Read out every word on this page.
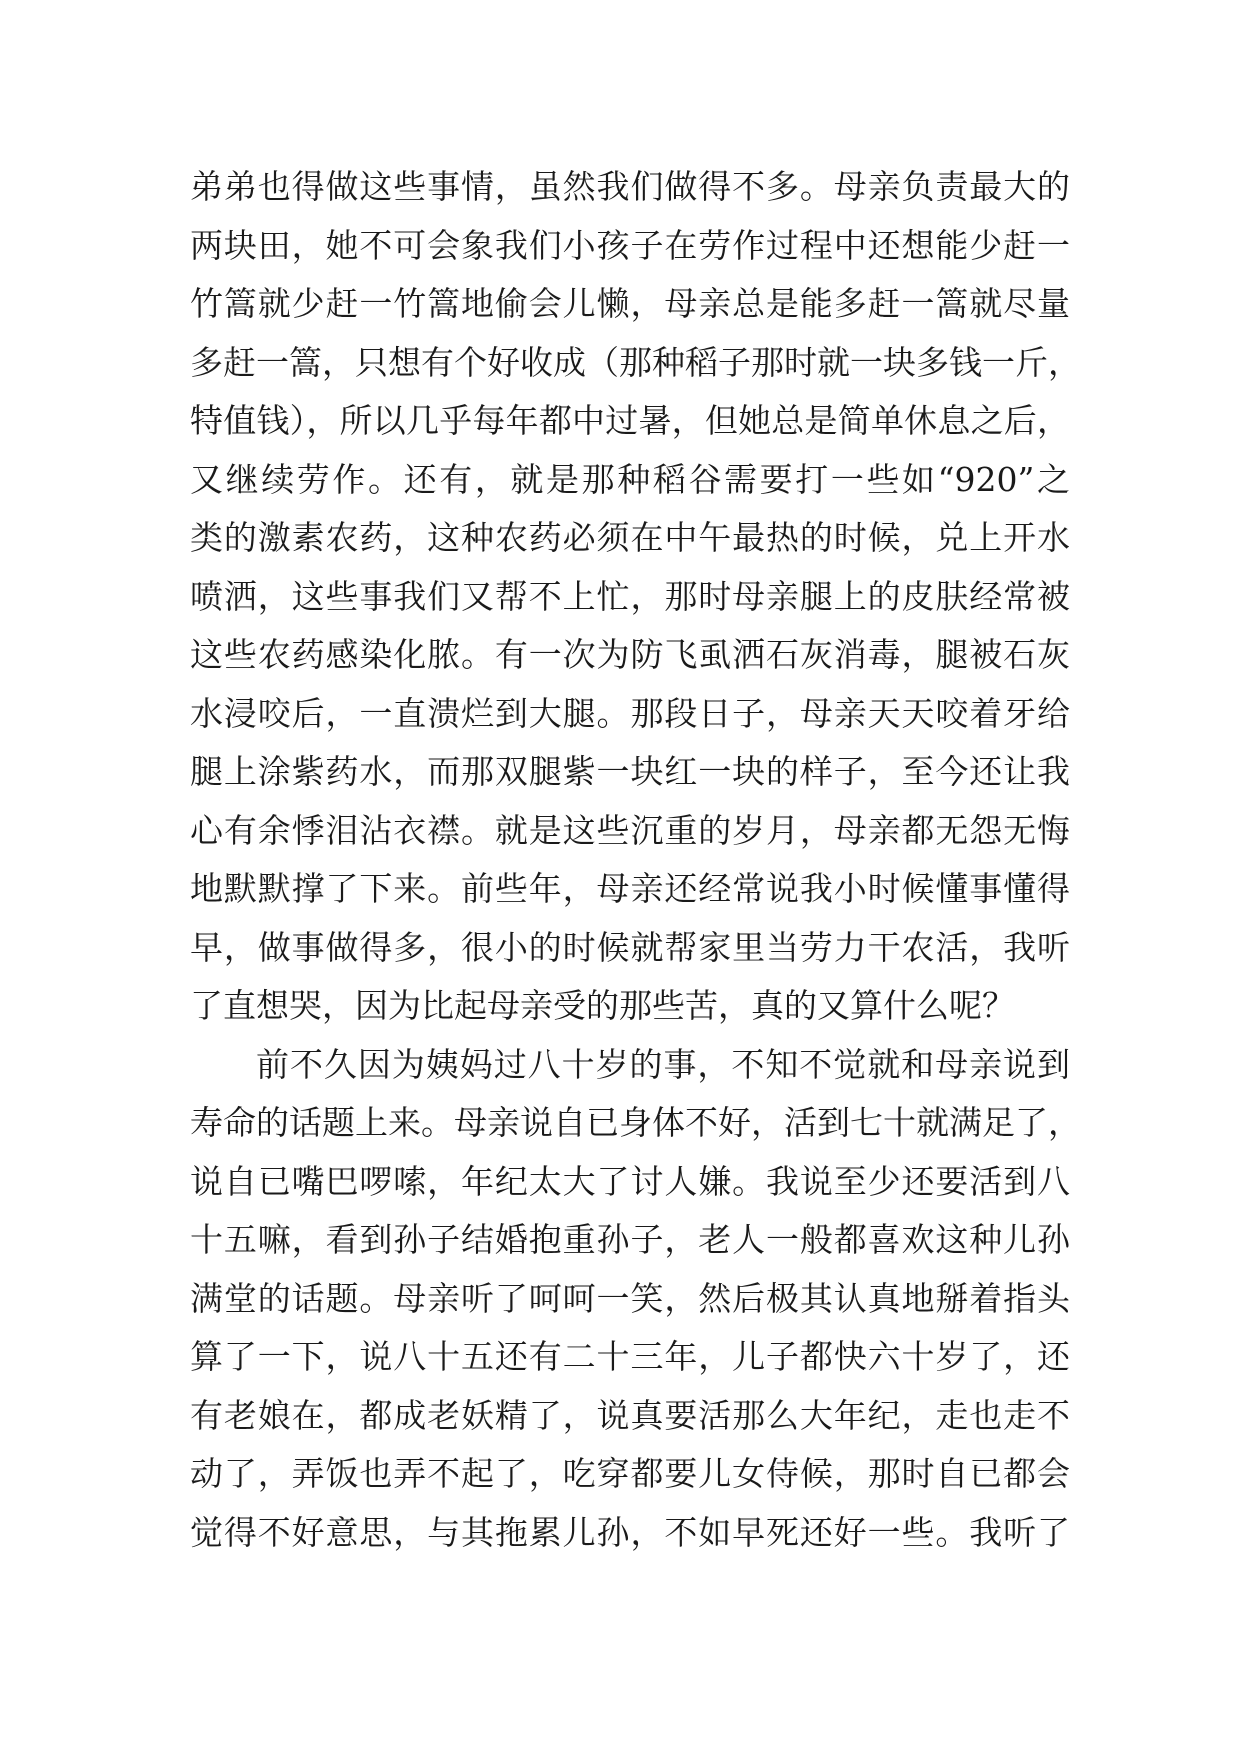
弟弟也得做这些事情，虽然我们做得不多。母亲负责最大的
两块田，她不可会象我们小孩子在劳作过程中还想能少赶一
竹篙就少赶一竹篙地偷会儿懒，母亲总是能多赶一篙就尽量
多赶一篙，只想有个好收成（那种稻子那时就一块多钱一斤，
特值钱），所以几乎每年都中过暑，但她总是简单休息之后，
又继续劳作。还有，就是那种稻谷需要打一些如“920”之
类的激素农药，这种农药必须在中午最热的时候，兑上开水
喷洒，这些事我们又帮不上忙，那时母亲腿上的皮肤经常被
这些农药感染化脓。有一次为防飞虱洒石灰消毒，腿被石灰
水浸咬后，一直溃烂到大腿。那段日子，母亲天天咬着牙给
腿上涂紫药水，而那双腿紫一块红一块的样子，至今还让我
心有余悸泪沾衣襟。就是这些沉重的岁月，母亲都无怨无悔
地默默撑了下来。前些年，母亲还经常说我小时候懂事懂得
早，做事做得多，很小的时候就帮家里当劳力干农活，我听
了直想哭，因为比起母亲受的那些苦，真的又算什么呢？
前不久因为姨妈过八十岁的事，不知不觉就和母亲说到
寿命的话题上来。母亲说自已身体不好，活到七十就满足了，
说自已嘴巴啰嗦，年纪太大了讨人嫌。我说至少还要活到八
十五嘛，看到孙子结婚抱重孙子，老人一般都喜欢这种儿孙
满堂的话题。母亲听了呵呵一笑，然后极其认真地掰着指头
算了一下，说八十五还有二十三年，儿子都快六十岁了，还
有老娘在，都成老妖精了，说真要活那么大年纪，走也走不
动了，弄饭也弄不起了，吃穿都要儿女侍候，那时自已都会
觉得不好意思，与其拖累儿孙，不如早死还好一些。我听了
